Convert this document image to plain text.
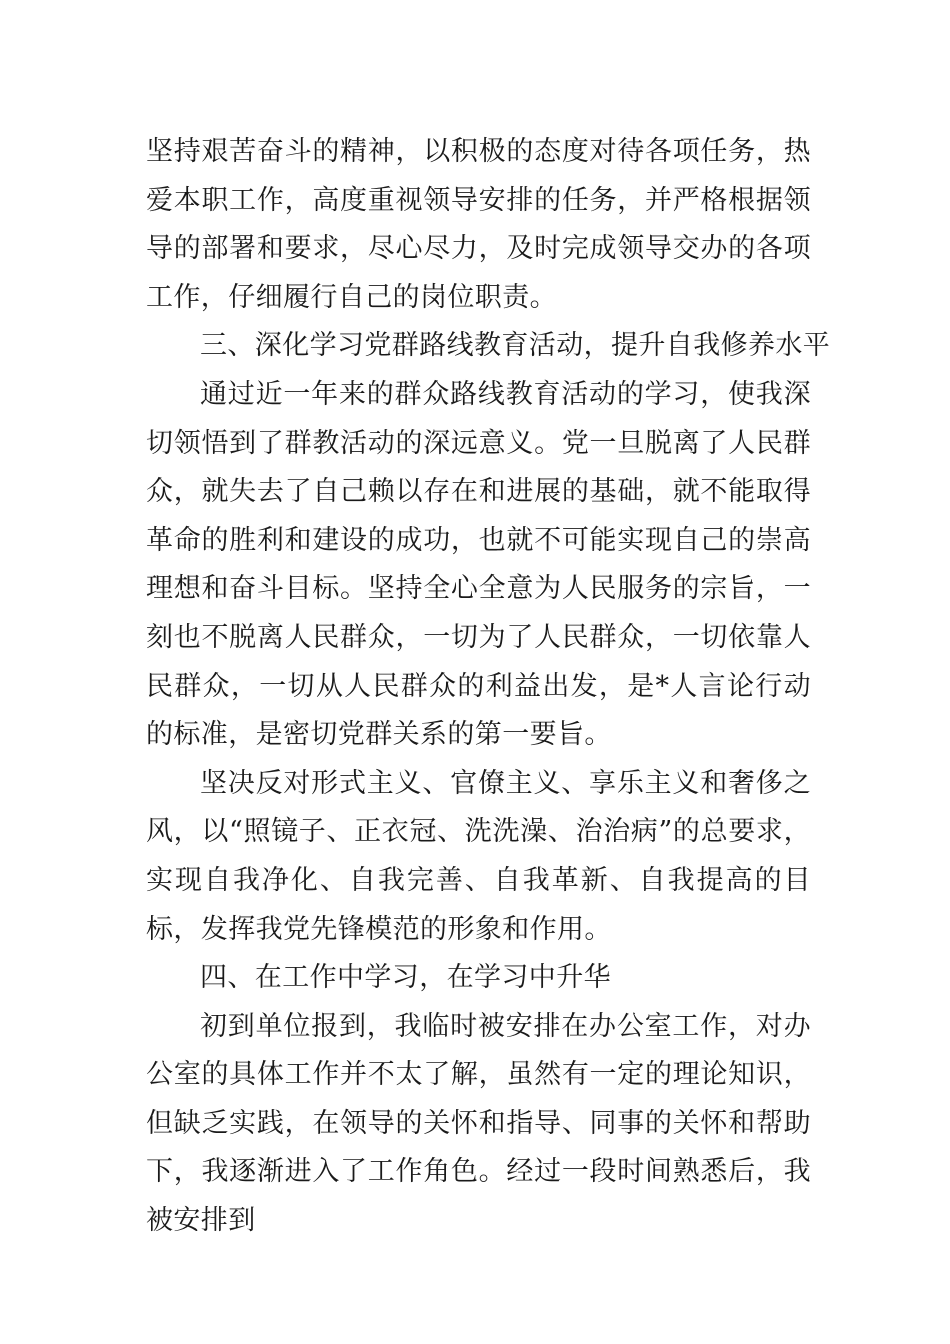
坚持艰苦奋斗的精神，以积极的态度对待各项任务，热爱本职工作，高度重视领导安排的任务，并严格根据领导的部署和要求，尽心尽力，及时完成领导交办的各项工作，仔细履行自己的岗位职责。

三、深化学习党群路线教育活动，提升自我修养水平

通过近一年来的群众路线教育活动的学习，使我深切领悟到了群教活动的深远意义。党一旦脱离了人民群众，就失去了自己赖以存在和进展的基础，就不能取得革命的胜利和建设的成功，也就不可能实现自己的崇高理想和奋斗目标。坚持全心全意为人民服务的宗旨，一刻也不脱离人民群众，一切为了人民群众，一切依靠人民群众，一切从人民群众的利益出发，是*人言论行动的标准，是密切党群关系的第一要旨。

坚决反对形式主义、官僚主义、享乐主义和奢侈之风，以“照镜子、正衣冠、洗洗澡、治治病”的总要求，实现自我净化、自我完善、自我革新、自我提高的目标，发挥我党先锋模范的形象和作用。

四、在工作中学习，在学习中升华

初到单位报到，我临时被安排在办公室工作，对办公室的具体工作并不太了解，虽然有一定的理论知识，但缺乏实践，在领导的关怀和指导、同事的关怀和帮助下，我逐渐进入了工作角色。经过一段时间熟悉后，我被安排到
